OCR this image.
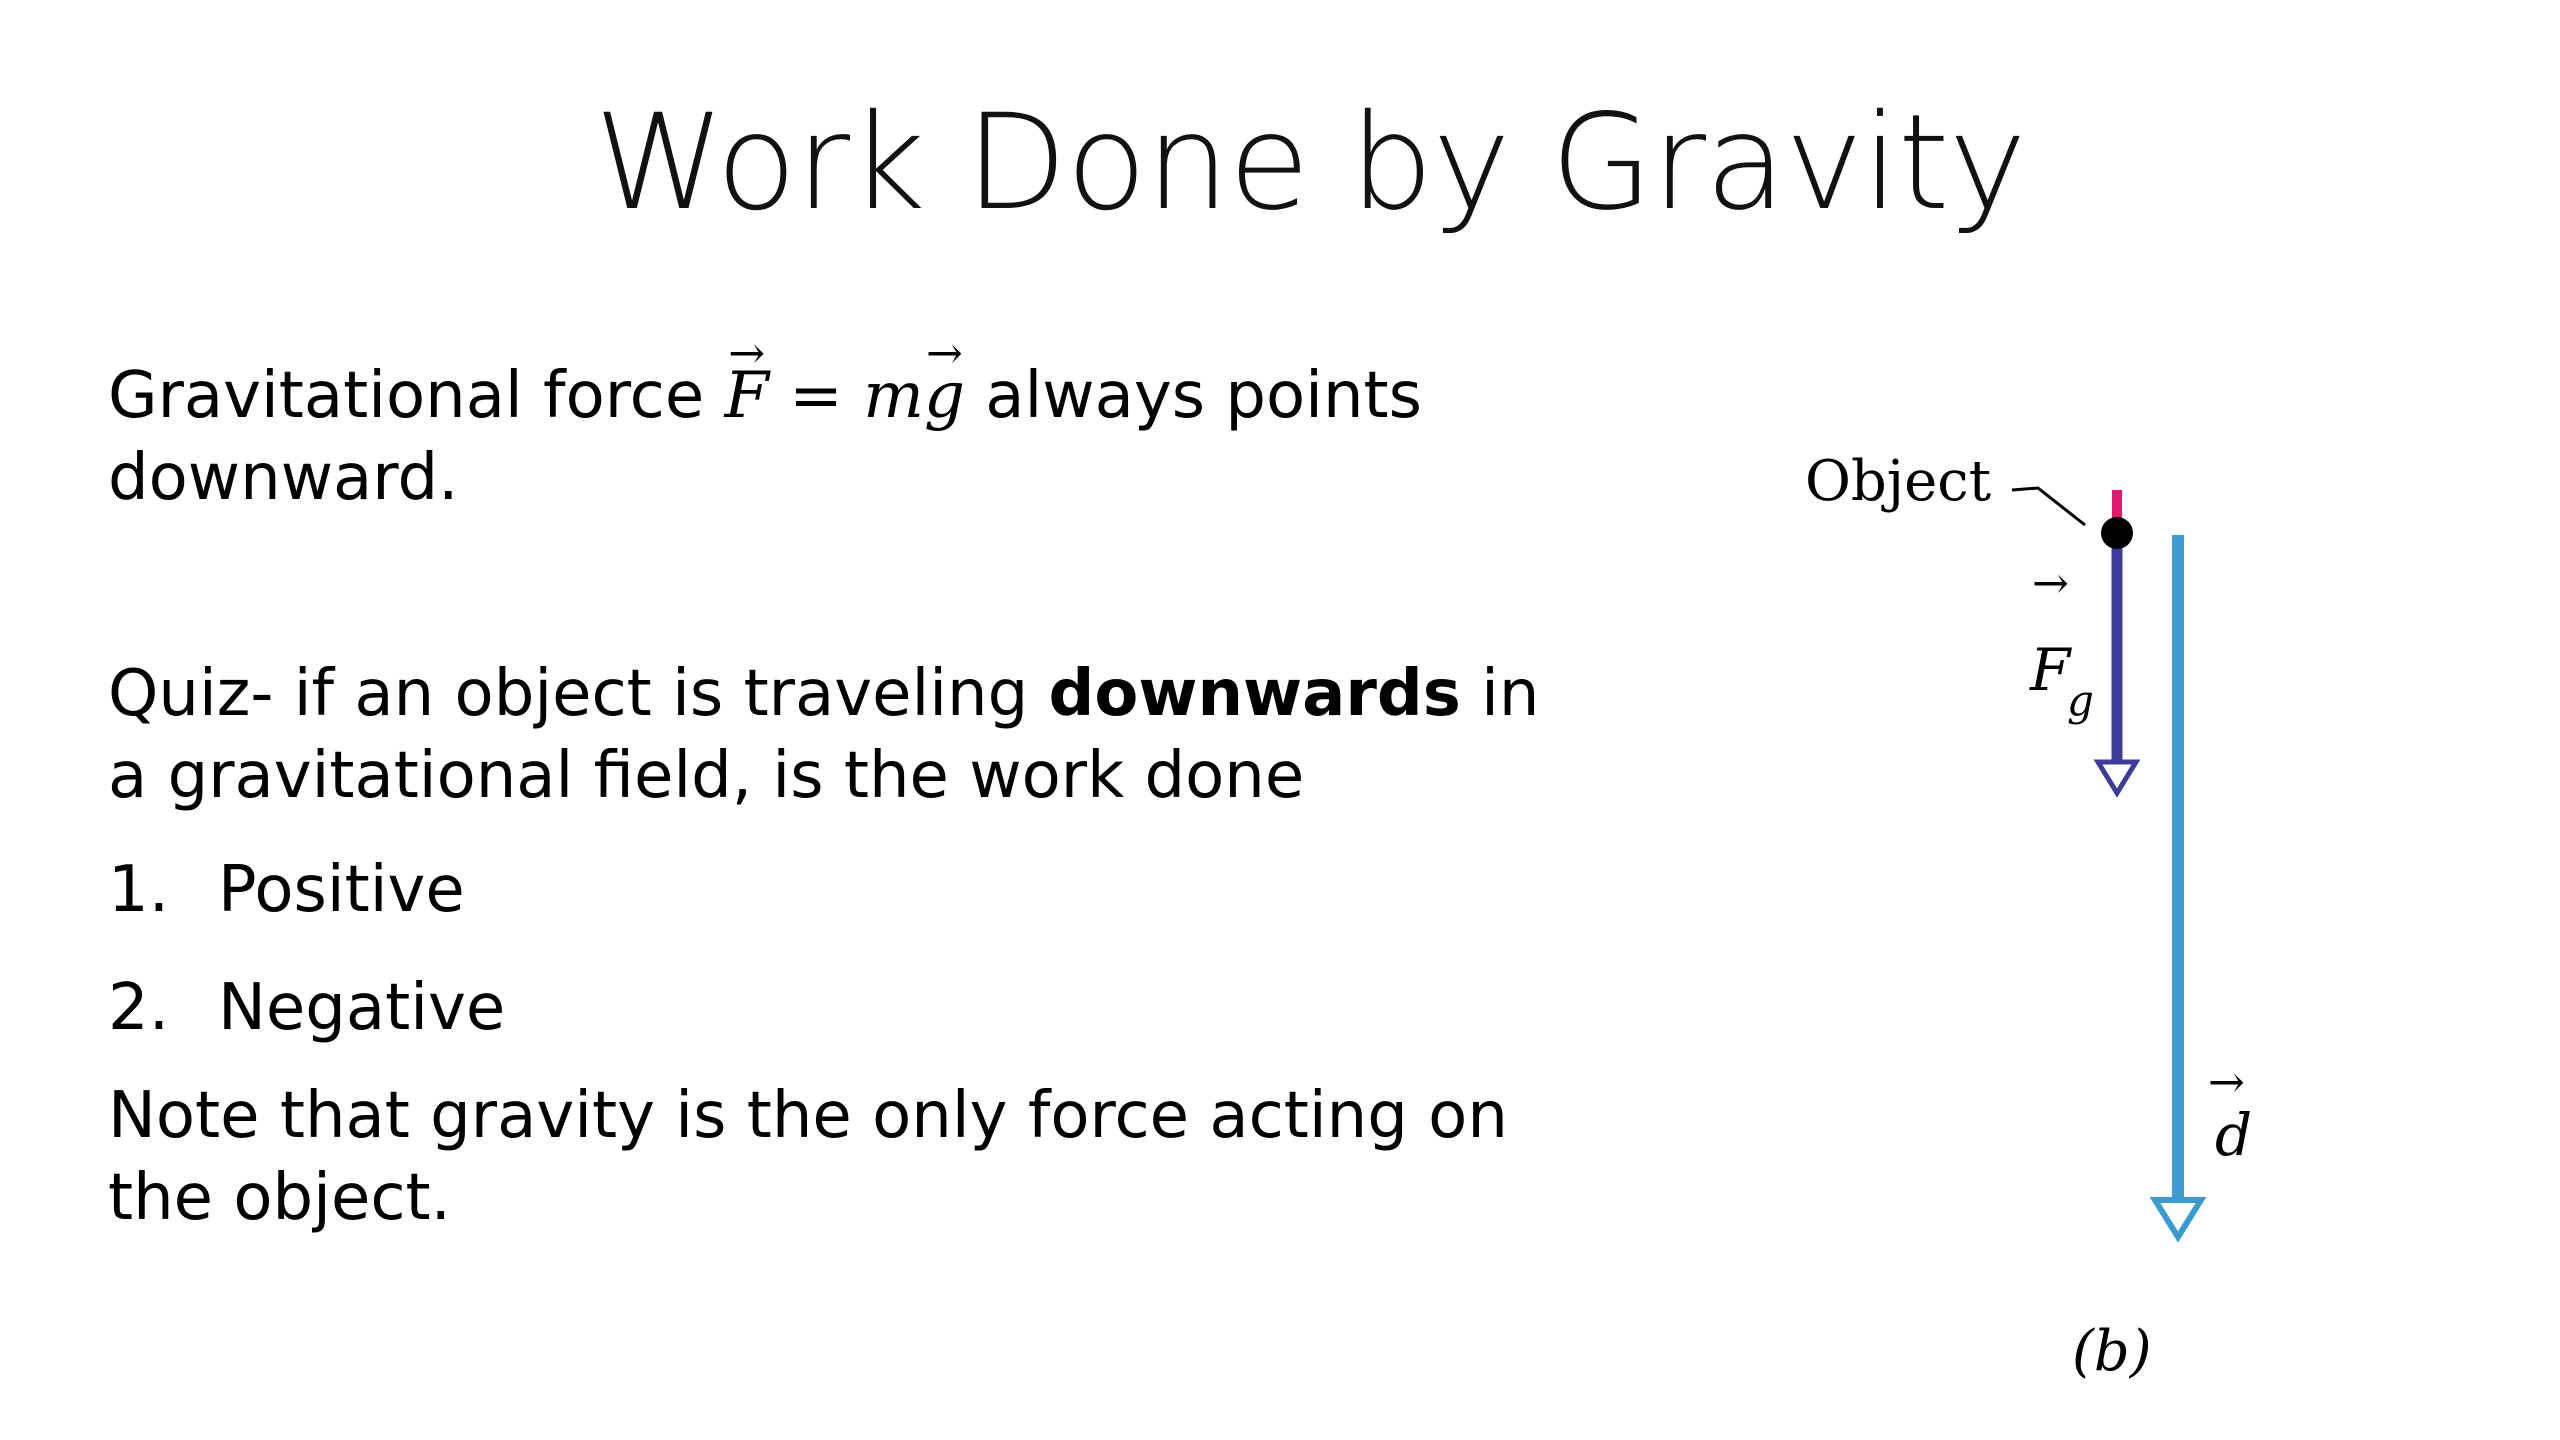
Work Done by Gravity

Gravitational force → F = m→ g always points downward.

Quiz- if an object is traveling downwards in a gravitational field, is the work done

1. Positive
2. Negative

Note that gravity is the only force acting on the object.

Object
→
F
g
→
d
(b)
